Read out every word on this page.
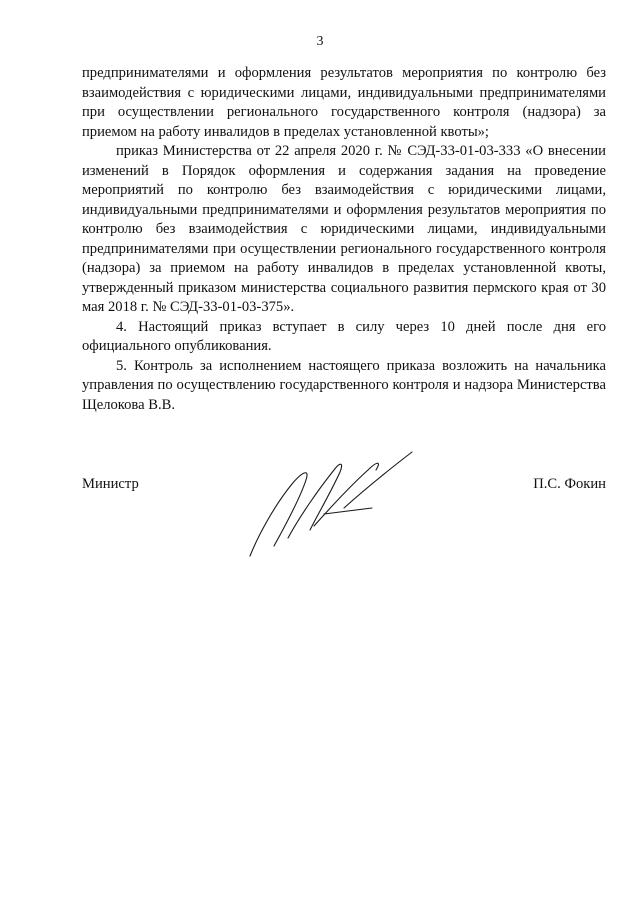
3

предпринимателями и оформления результатов мероприятия по контролю без взаимодействия с юридическими лицами, индивидуальными предпринимателями при осуществлении регионального государственного контроля (надзора) за приемом на работу инвалидов в пределах установленной квоты»;

приказ Министерства от 22 апреля 2020 г. № СЭД-33-01-03-333 «О внесении изменений в Порядок оформления и содержания задания на проведение мероприятий по контролю без взаимодействия с юридическими лицами, индивидуальными предпринимателями и оформления результатов мероприятия по контролю без взаимодействия с юридическими лицами, индивидуальными предпринимателями при осуществлении регионального государственного контроля (надзора) за приемом на работу инвалидов в пределах установленной квоты, утвержденный приказом министерства социального развития пермского края от 30 мая 2018 г. № СЭД-33-01-03-375».

4. Настоящий приказ вступает в силу через 10 дней после дня его официального опубликования.

5. Контроль за исполнением настоящего приказа возложить на начальника управления по осуществлению государственного контроля и надзора Министерства Щелокова В.В.

Министр	П.С. Фокин
